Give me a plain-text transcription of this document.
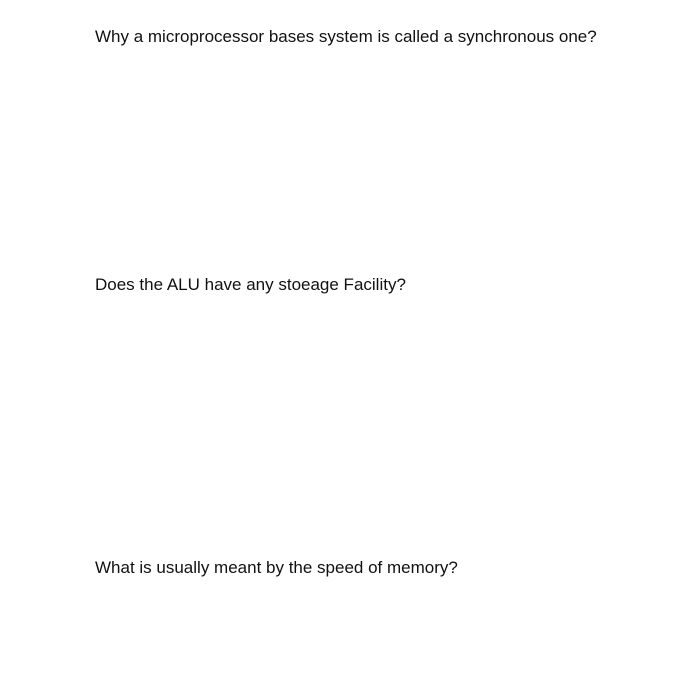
Why a microprocessor bases system is called a synchronous one?

Does the ALU have any stoeage Facility?

What is usually meant by the speed of memory?
